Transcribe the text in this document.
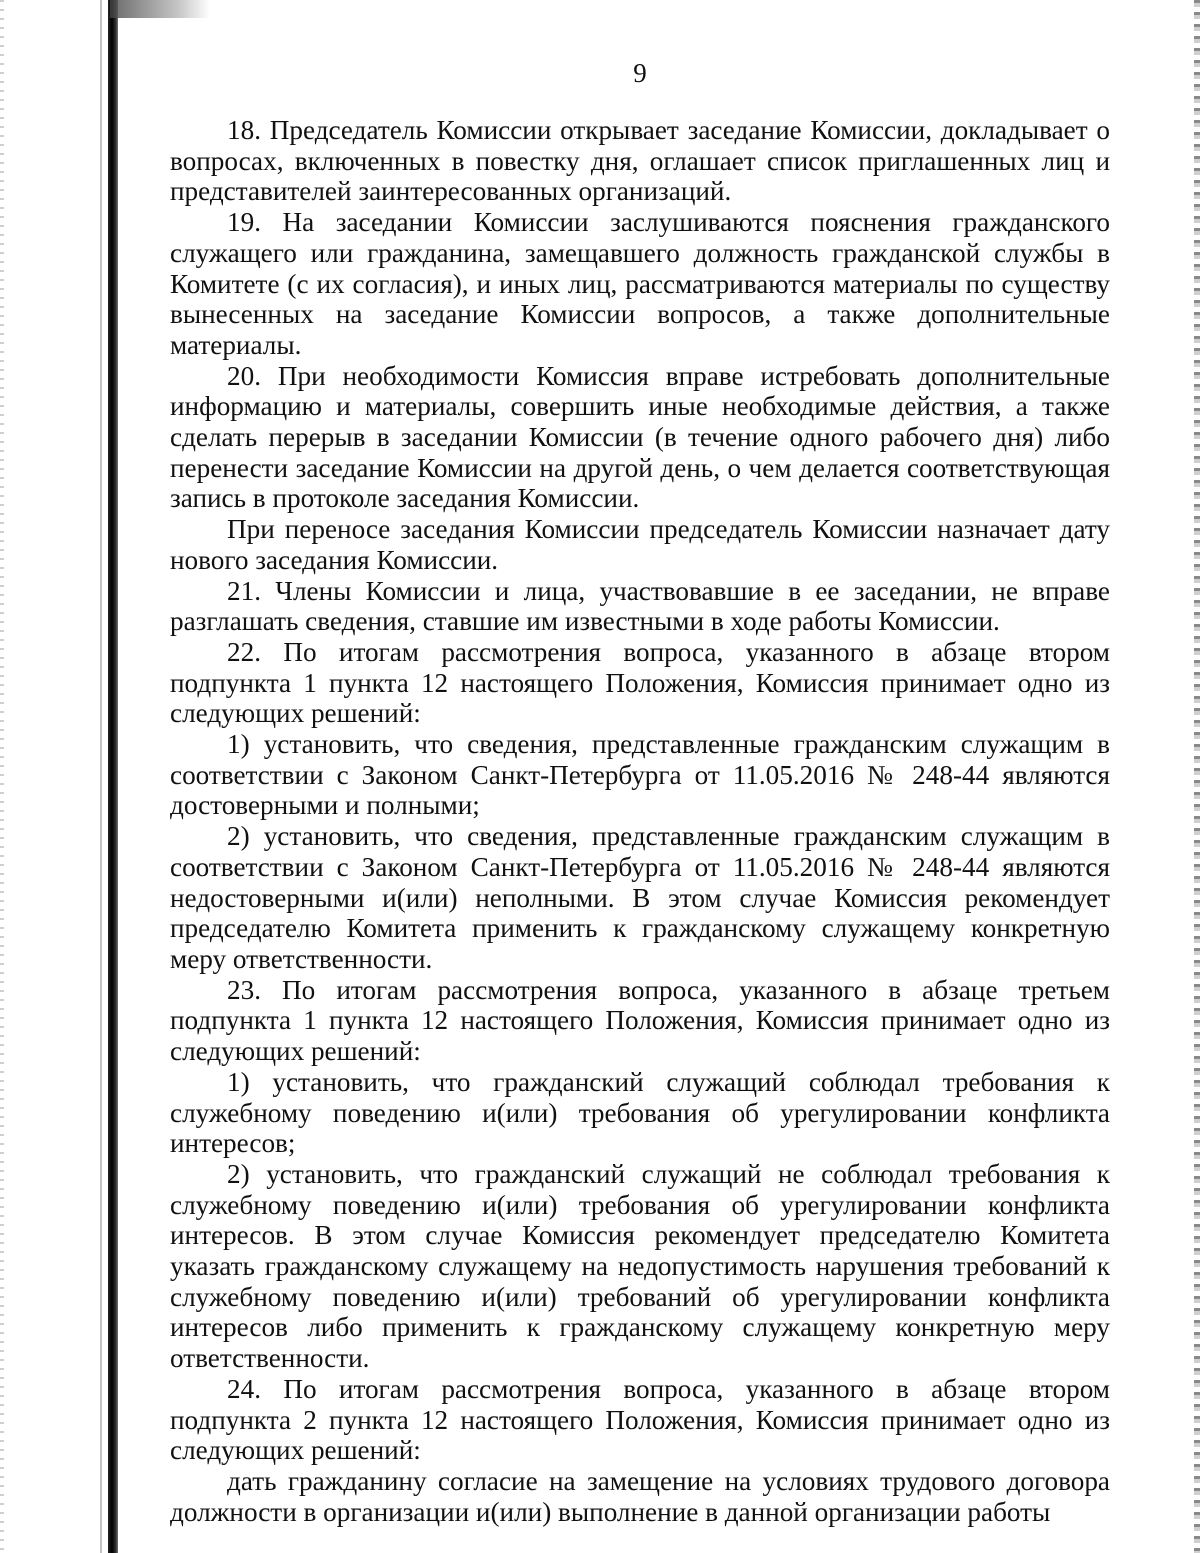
9

18. Председатель Комиссии открывает заседание Комиссии, докладывает о вопросах, включенных в повестку дня, оглашает список приглашенных лиц и представителей заинтересованных организаций.

19. На заседании Комиссии заслушиваются пояснения гражданского служащего или гражданина, замещавшего должность гражданской службы в Комитете (с их согласия), и иных лиц, рассматриваются материалы по существу вынесенных на заседание Комиссии вопросов, а также дополнительные материалы.

20. При необходимости Комиссия вправе истребовать дополнительные информацию и материалы, совершить иные необходимые действия, а также сделать перерыв в заседании Комиссии (в течение одного рабочего дня) либо перенести заседание Комиссии на другой день, о чем делается соответствующая запись в протоколе заседания Комиссии.

При переносе заседания Комиссии председатель Комиссии назначает дату нового заседания Комиссии.

21. Члены Комиссии и лица, участвовавшие в ее заседании, не вправе разглашать сведения, ставшие им известными в ходе работы Комиссии.

22. По итогам рассмотрения вопроса, указанного в абзаце втором подпункта 1 пункта 12 настоящего Положения, Комиссия принимает одно из следующих решений:

1) установить, что сведения, представленные гражданским служащим в соответствии с Законом Санкт-Петербурга от 11.05.2016 № 248-44 являются достоверными и полными;

2) установить, что сведения, представленные гражданским служащим в соответствии с Законом Санкт-Петербурга от 11.05.2016 № 248-44 являются недостоверными и(или) неполными. В этом случае Комиссия рекомендует председателю Комитета применить к гражданскому служащему конкретную меру ответственности.

23. По итогам рассмотрения вопроса, указанного в абзаце третьем подпункта 1 пункта 12 настоящего Положения, Комиссия принимает одно из следующих решений:

1) установить, что гражданский служащий соблюдал требования к служебному поведению и(или) требования об урегулировании конфликта интересов;

2) установить, что гражданский служащий не соблюдал требования к служебному поведению и(или) требования об урегулировании конфликта интересов. В этом случае Комиссия рекомендует председателю Комитета указать гражданскому служащему на недопустимость нарушения требований к служебному поведению и(или) требований об урегулировании конфликта интересов либо применить к гражданскому служащему конкретную меру ответственности.

24. По итогам рассмотрения вопроса, указанного в абзаце втором подпункта 2 пункта 12 настоящего Положения, Комиссия принимает одно из следующих решений:

дать гражданину согласие на замещение на условиях трудового договора должности в организации и(или) выполнение в данной организации работы
